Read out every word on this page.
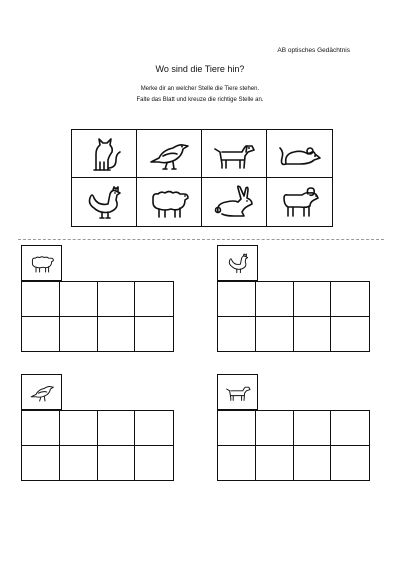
AB optisches Gedächtnis
Wo sind die Tiere hin?
Merke dir an welcher Stelle die Tiere stehen.
Falte das Blatt und kreuze die richtige Stelle an.
